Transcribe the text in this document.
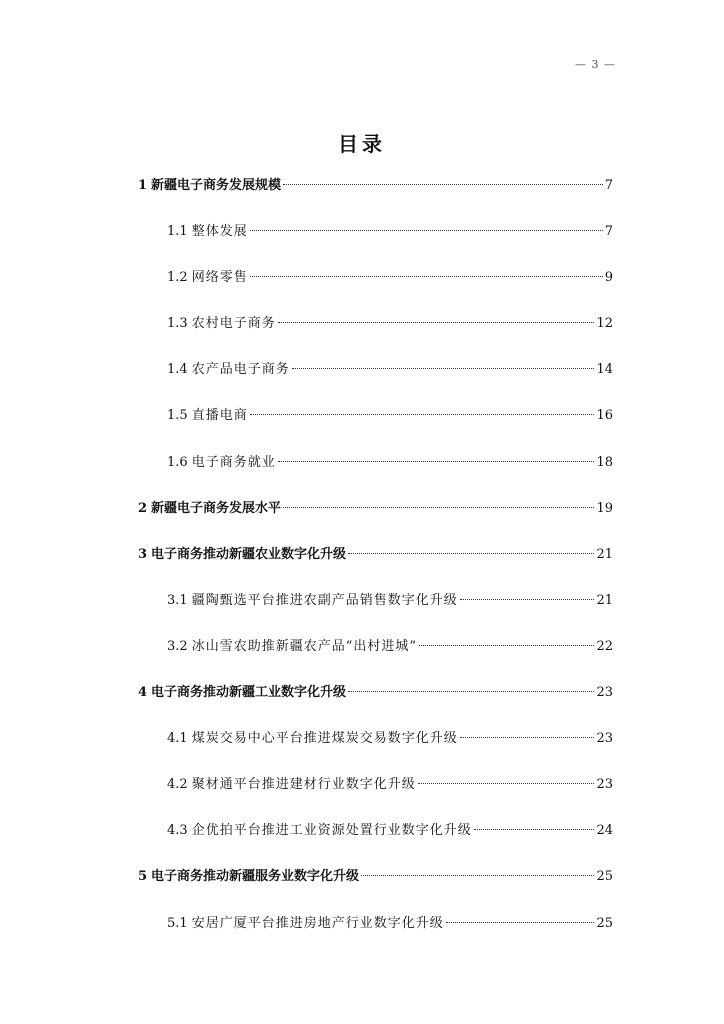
— 3 —
目录
1 新疆电子商务发展规模	7
1.1 整体发展	7
1.2 网络零售	9
1.3 农村电子商务	12
1.4 农产品电子商务	14
1.5 直播电商	16
1.6 电子商务就业	18
2 新疆电子商务发展水平	19
3 电子商务推动新疆农业数字化升级	21
3.1 疆陶甄选平台推进农副产品销售数字化升级	21
3.2 冰山雪农助推新疆农产品“出村进城”	22
4 电子商务推动新疆工业数字化升级	23
4.1 煤炭交易中心平台推进煤炭交易数字化升级	23
4.2 聚材通平台推进建材行业数字化升级	23
4.3 企优拍平台推进工业资源处置行业数字化升级	24
5 电子商务推动新疆服务业数字化升级	25
5.1 安居广厦平台推进房地产行业数字化升级	25
